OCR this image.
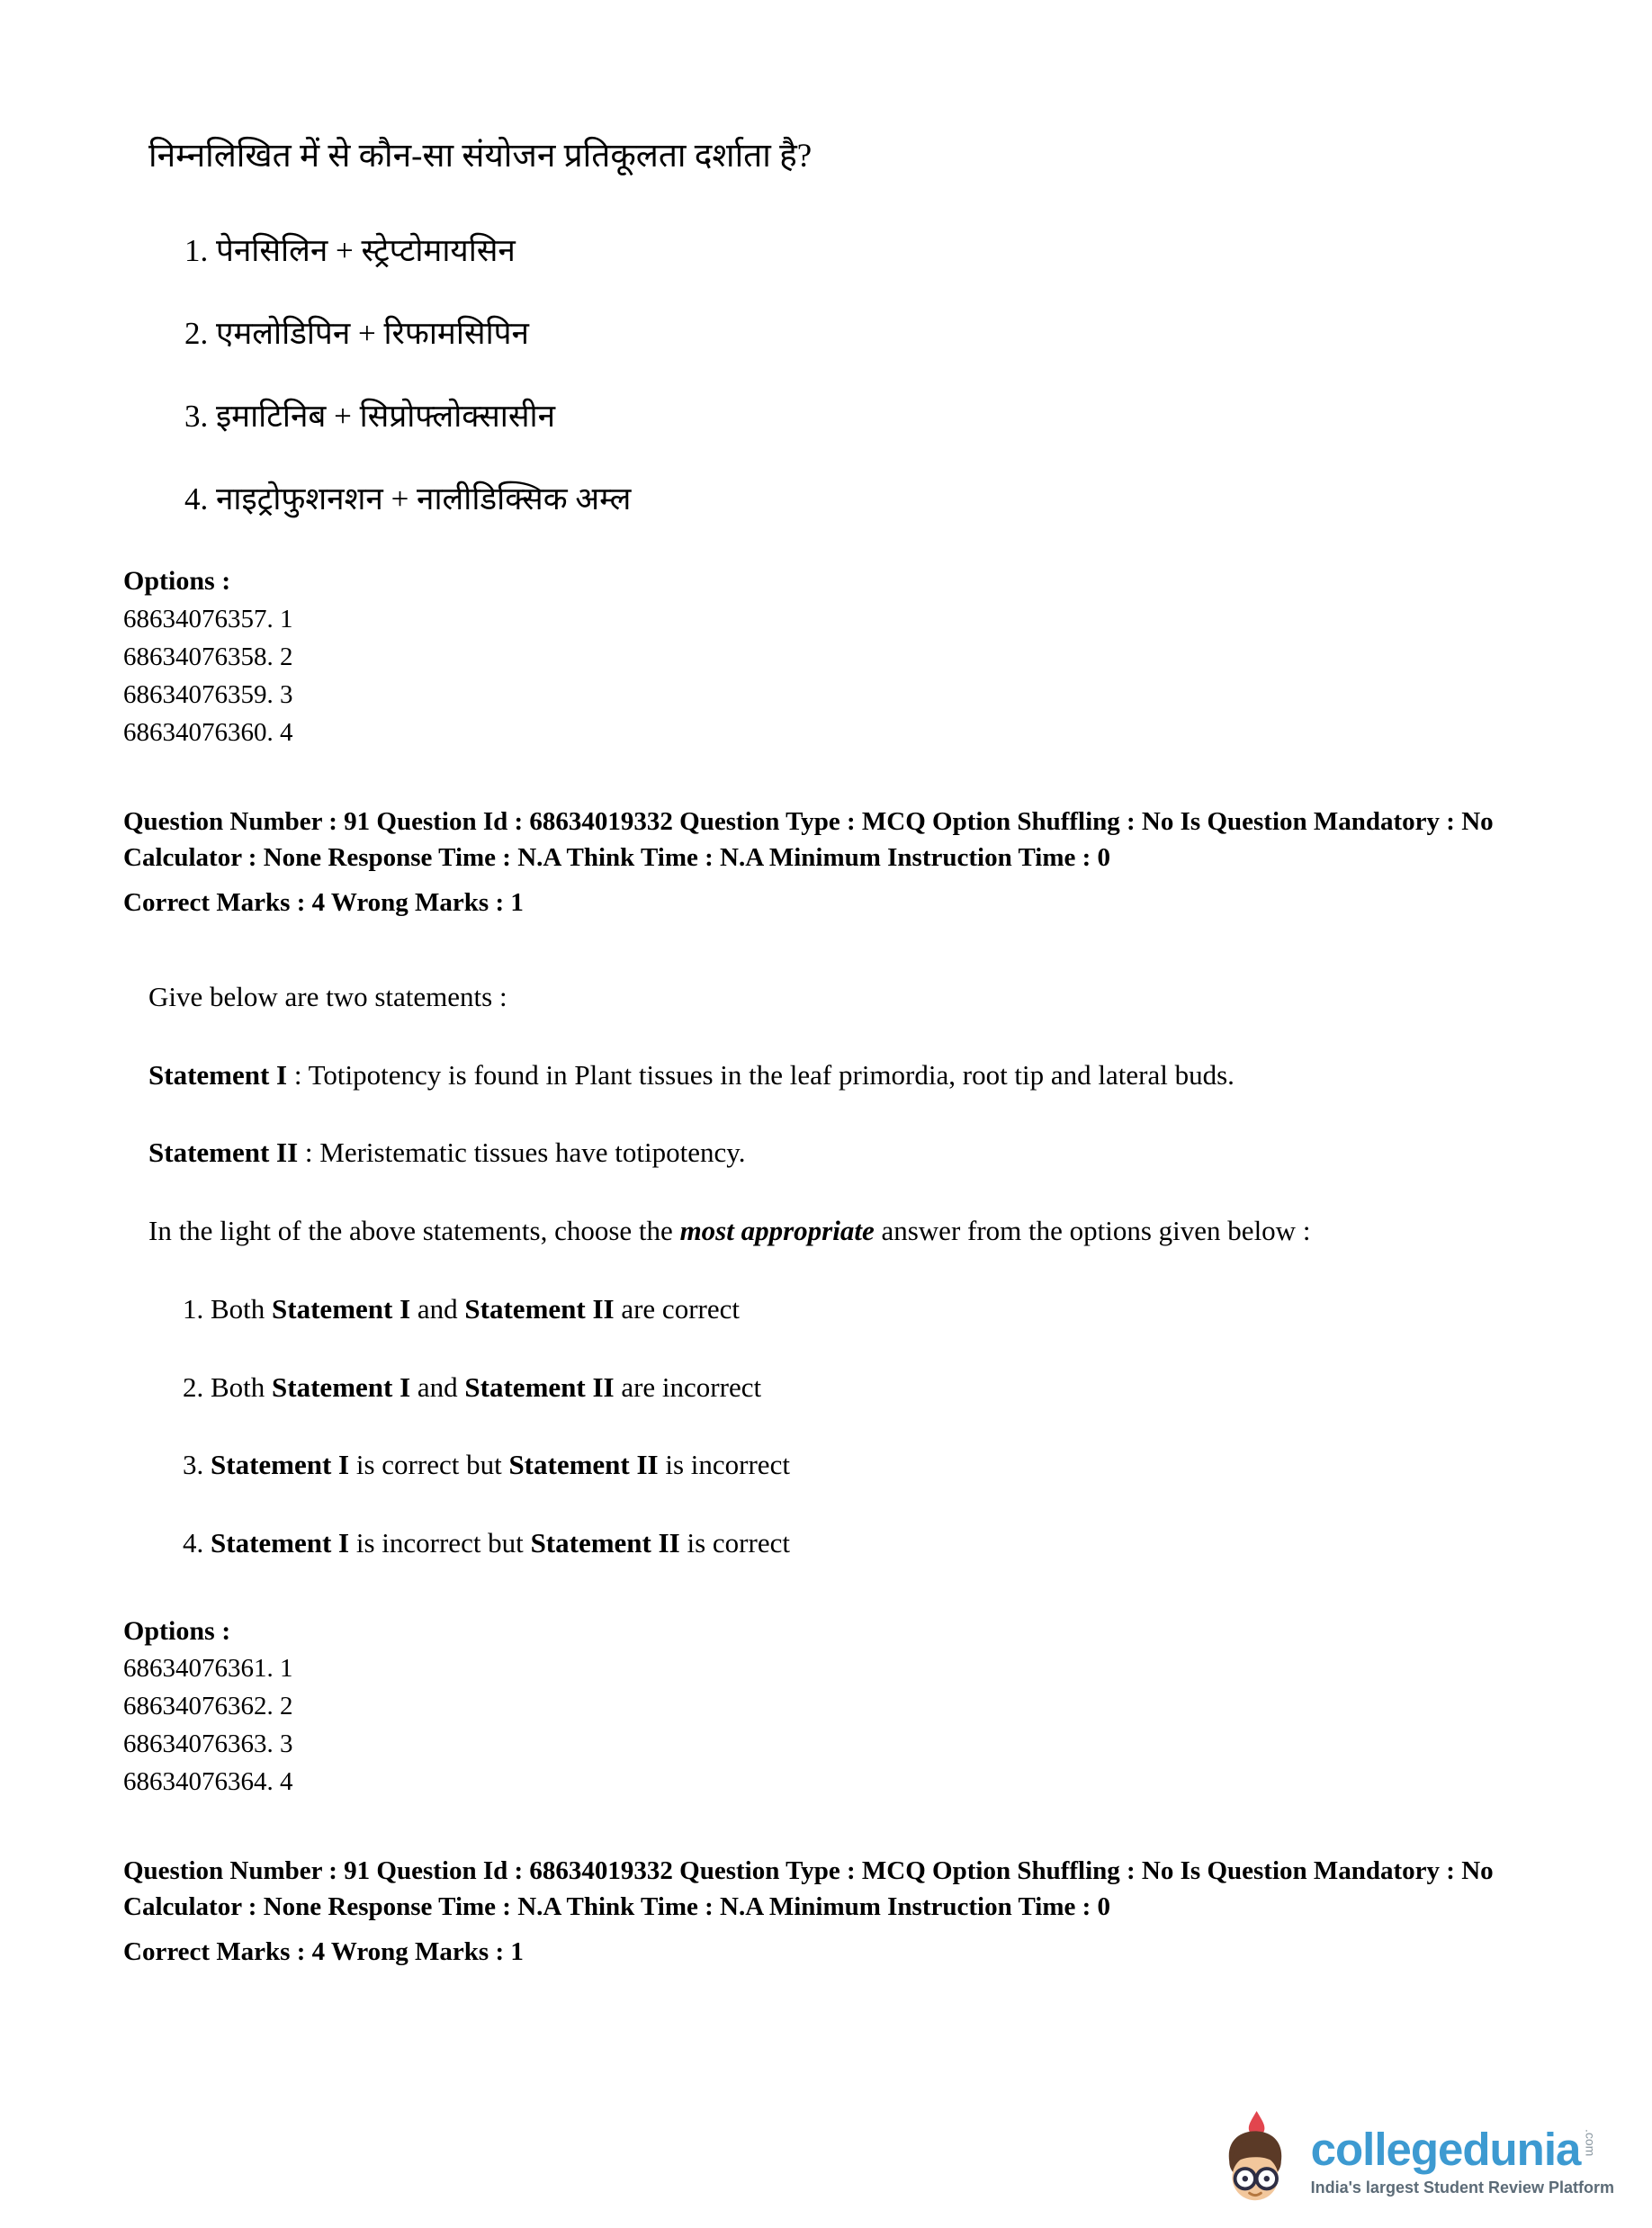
निम्नलिखित में से कौन-सा संयोजन प्रतिकूलता दर्शाता है?
1. पेनसिलिन + स्ट्रेप्टोमायसिन
2. एमलोडिपिन + रिफामसिपिन
3. इमाटिनिब + सिप्रोफ्लोक्सासीन
4. नाइट्रोफुशनशन + नालीडिक्सिक अम्ल

Options :

68634076357. 1

68634076358. 2

68634076359. 3

68634076360. 4

Question Number : 91 Question Id : 68634019332 Question Type : MCQ Option Shuffling : No Is Question Mandatory : No Calculator : None Response Time : N.A Think Time : N.A Minimum Instruction Time : 0

Correct Marks : 4 Wrong Marks : 1

Give below are two statements :

Statement I : Totipotency is found in Plant tissues in the leaf primordia, root tip and lateral buds.

Statement II : Meristematic tissues have totipotency.

In the light of the above statements, choose the most appropriate answer from the options given below :

1. Both Statement I and Statement II are correct

2. Both Statement I and Statement II are incorrect

3. Statement I is correct but Statement II is incorrect

4. Statement I is incorrect but Statement II is correct

Options :

68634076361. 1

68634076362. 2

68634076363. 3

68634076364. 4

Question Number : 91 Question Id : 68634019332 Question Type : MCQ Option Shuffling : No Is Question Mandatory : No Calculator : None Response Time : N.A Think Time : N.A Minimum Instruction Time : 0

Correct Marks : 4 Wrong Marks : 1

collegedunia .com
India's largest Student Review Platform
